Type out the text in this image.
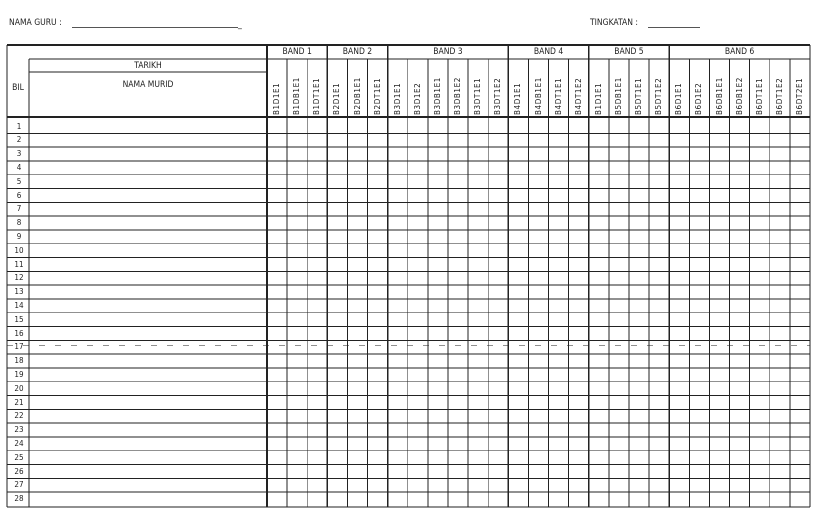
NAMA GURU :	_	TINGKATAN :
BIL
TARIKH
NAMA MURID
BAND 1
B1D1E1 B1DB1E1 B1DT1E1
BAND 2
B2D1E1 B2DB1E1 B2DT1E1
BAND 3
B3D1E1 B3D1E2 B3DB1E1 B3DB1E2 B3DT1E1 B3DT1E2
BAND 4
B4D1E1 B4DB1E1 B4DT1E1 B4DT1E2
BAND 5
B1D1E1 B5DB1E1 B5DT1E1 B5DT1E2
BAND 6
B6D1E1 B6D1E2 B6DB1E1 B6DB1E2 B6DT1E1 B6DT1E2 B6DT2E1
1
2
3
4
5
6
7
8
9
10
11
12
13
14
15
16
17
18
19
20
21
22
23
24
25
26
27
28
